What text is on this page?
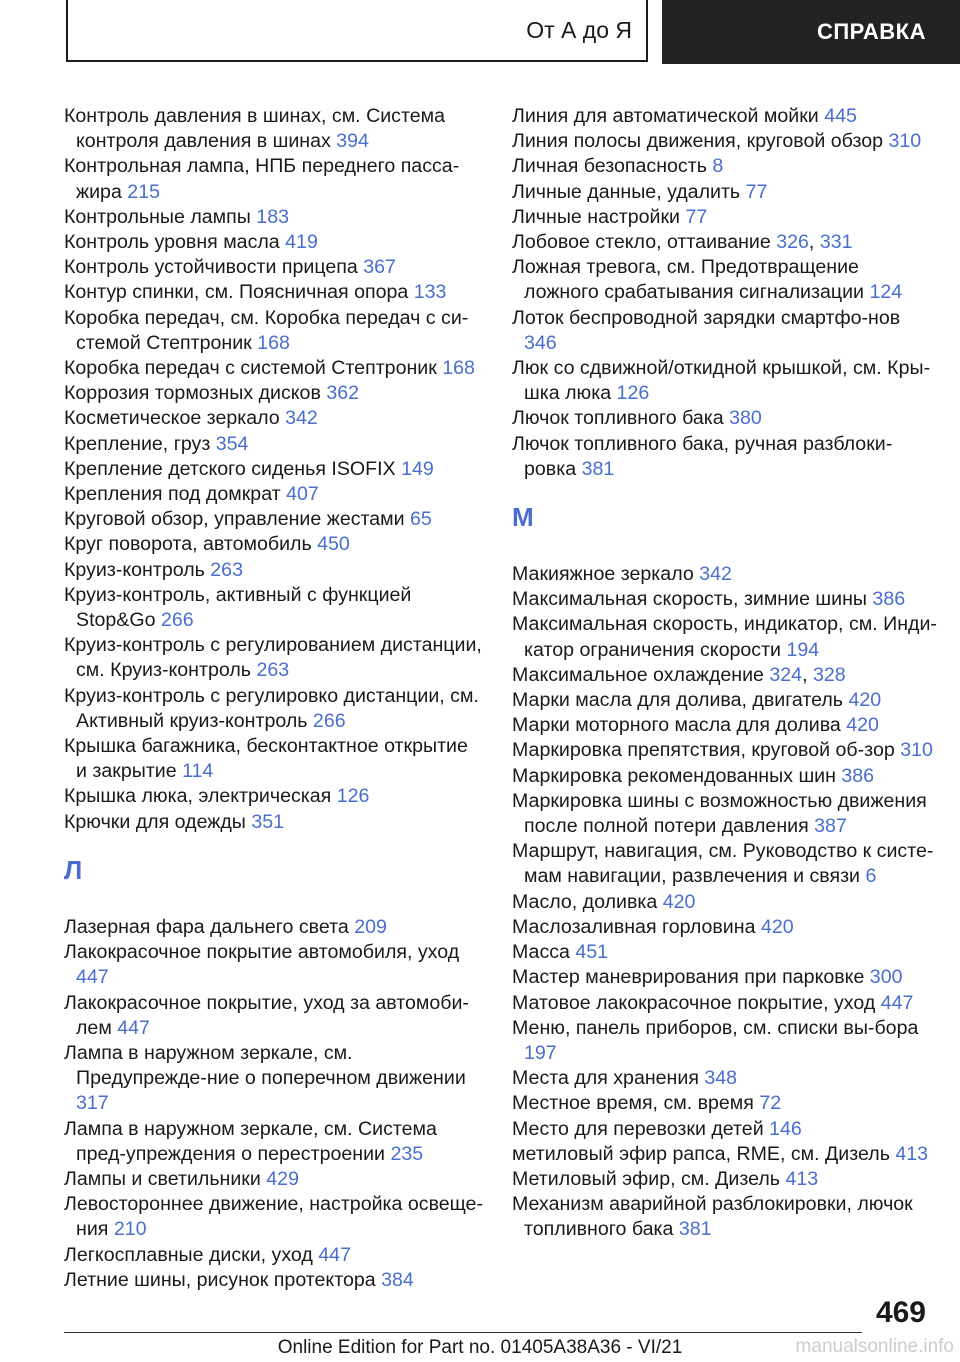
От А до Я	СПРАВКА
Контроль давления в шинах, см. Система контроля давления в шинах 394
Контрольная лампа, НПБ переднего пасса-жира 215
Контрольные лампы 183
Контроль уровня масла 419
Контроль устойчивости прицепа 367
Контур спинки, см. Поясничная опора 133
Коробка передач, см. Коробка передач с си-стемой Стептроник 168
Коробка передач с системой Стептроник 168
Коррозия тормозных дисков 362
Косметическое зеркало 342
Крепление, груз 354
Крепление детского сиденья ISOFIX 149
Крепления под домкрат 407
Круговой обзор, управление жестами 65
Круг поворота, автомобиль 450
Круиз-контроль 263
Круиз-контроль, активный с функцией Stop&Go 266
Круиз-контроль с регулированием дистанции, см. Круиз-контроль 263
Круиз-контроль с регулировко дистанции, см. Активный круиз-контроль 266
Крышка багажника, бесконтактное открытие и закрытие 114
Крышка люка, электрическая 126
Крючки для одежды 351
Л
Лазерная фара дальнего света 209
Лакокрасочное покрытие автомобиля, уход 447
Лакокрасочное покрытие, уход за автомоби-лем 447
Лампа в наружном зеркале, см. Предупрежде-ние о поперечном движении 317
Лампа в наружном зеркале, см. Система пред-упреждения о перестроении 235
Лампы и светильники 429
Левостороннее движение, настройка освеще-ния 210
Легкосплавные диски, уход 447
Летние шины, рисунок протектора 384
Линия для автоматической мойки 445
Линия полосы движения, круговой обзор 310
Личная безопасность 8
Личные данные, удалить 77
Личные настройки 77
Лобовое стекло, оттаивание 326, 331
Ложная тревога, см. Предотвращение ложного срабатывания сигнализации 124
Лоток беспроводной зарядки смартфо-нов 346
Люк со сдвижной/откидной крышкой, см. Кры-шка люка 126
Лючок топливного бака 380
Лючок топливного бака, ручная разблоки-ровка 381
М
Макияжное зеркало 342
Максимальная скорость, зимние шины 386
Максимальная скорость, индикатор, см. Инди-катор ограничения скорости 194
Максимальное охлаждение 324, 328
Марки масла для долива, двигатель 420
Марки моторного масла для долива 420
Маркировка препятствия, круговой об-зор 310
Маркировка рекомендованных шин 386
Маркировка шины с возможностью движения после полной потери давления 387
Маршрут, навигация, см. Руководство к систе-мам навигации, развлечения и связи 6
Масло, доливка 420
Маслозаливная горловина 420
Масса 451
Мастер маневрирования при парковке 300
Матовое лакокрасочное покрытие, уход 447
Меню, панель приборов, см. списки вы-бора 197
Места для хранения 348
Местное время, см. время 72
Место для перевозки детей 146
метиловый эфир рапса, RME, см. Дизель 413
Метиловый эфир, см. Дизель 413
Механизм аварийной разблокировки, лючок топливного бака 381
469
Online Edition for Part no. 01405A38A36 - VI/21	manualsonline.info
